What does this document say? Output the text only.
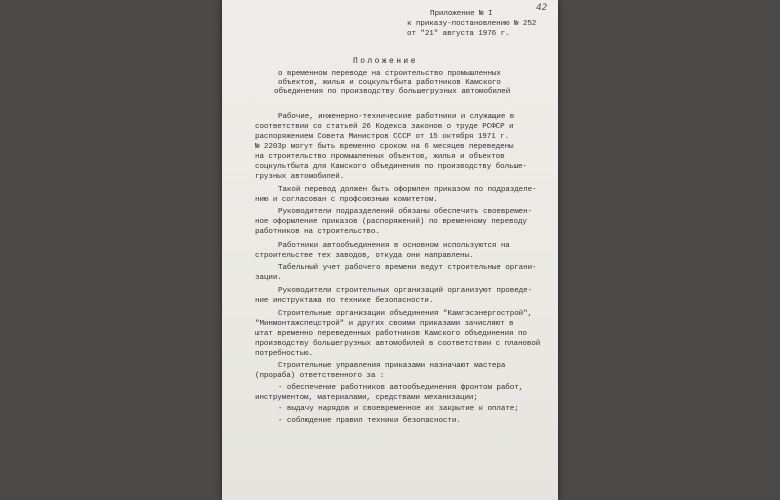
42
Приложение № I
к приказу-постановлению № 252
от "21" августа 1976 г.
Положение
о временном переводе на строительство промышленных
объектов, жилья и соцкультбыта работников Камского
объединения по производству большегрузных автомобилей
Рабочие, инженерно-технические работники и служащие в
соответствии со статьей 26 Кодекса законов о труде РСФСР и
распоряжением Совета Министров СССР от 15 октября 1971 г.
№ 2203р могут быть временно сроком на 6 месяцев переведены
на строительство промышленных объектов, жилья и объектов
соцкультбыта для Камского объединения по производству больше-
грузных автомобилей.
Такой перевод должен быть оформлен приказом по подразделе-
нию и согласован с профсоюзным комитетом.
Руководители подразделений обязаны обеспечить своевремен-
ное оформление приказов (распоряжений) по временному переводу
работников на строительство.
Работники автообъединения в основном используются на
строительстве тех заводов, откуда они направлены.
Табельный учет рабочего времени ведут строительные органи-
зации.
Руководители строительных организаций организуют проведе-
ние инструктажа по технике безопасности.
Строительные организации объединения "Камгэсэнергострой",
"Минмонтажспецстрой" и других своими приказами зачисляют в
штат временно переведенных работников Камского объединения по
производству большегрузных автомобилей в соответствии с плановой
потребностью.
Строительные управления приказами назначают мастера
(прораба) ответственного за :
- обеспечение работников автообъединения фронтом работ,
инструментом, материалами, средствами механизации;
- выдачу нарядов и своевременное их закрытие к оплате;
- соблюдение правил техники безопасности.
